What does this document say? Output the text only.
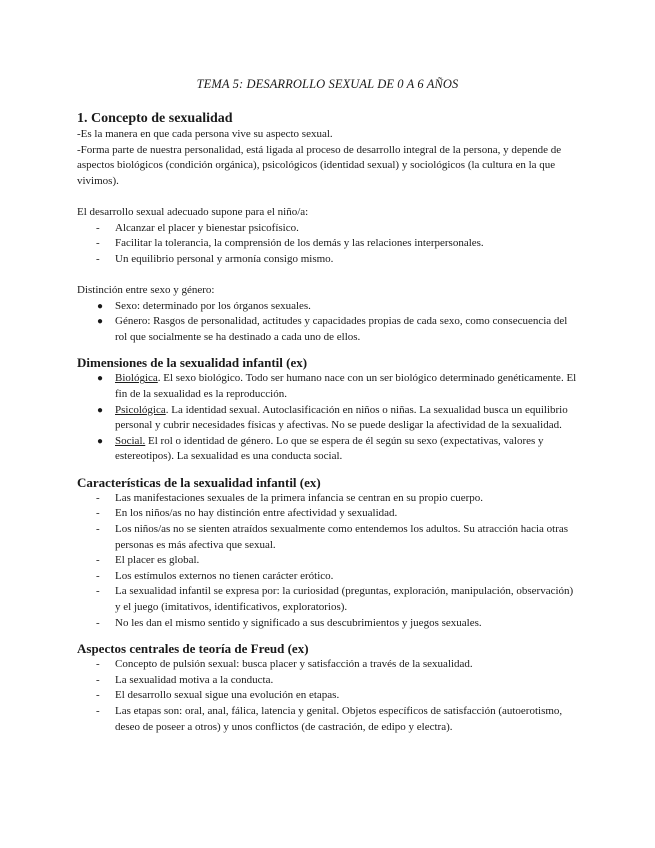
TEMA 5: DESARROLLO SEXUAL DE 0 A 6 AÑOS
1. Concepto de sexualidad
-Es la manera en que cada persona vive su aspecto sexual.
-Forma parte de nuestra personalidad, está ligada al proceso de desarrollo integral de la persona, y depende de aspectos biológicos (condición orgánica), psicológicos (identidad sexual) y sociológicos (la cultura en la que vivimos).
El desarrollo sexual adecuado supone para el niño/a:
-	Alcanzar el placer y bienestar psicofísico.
-	Facilitar la tolerancia, la comprensión de los demás y las relaciones interpersonales.
-	Un equilibrio personal y armonía consigo mismo.
Distinción entre sexo y género:
●	Sexo: determinado por los órganos sexuales.
●	Género: Rasgos de personalidad, actitudes y capacidades propias de cada sexo, como consecuencia del rol que socialmente se ha destinado a cada uno de ellos.
Dimensiones de la sexualidad infantil (ex)
●	Biológica. El sexo biológico. Todo ser humano nace con un ser biológico determinado genéticamente. El fin de la sexualidad es la reproducción.
●	Psicológica. La identidad sexual. Autoclasificación en niños o niñas. La sexualidad busca un equilibrio personal y cubrir necesidades físicas y afectivas. No se puede desligar la afectividad de la sexualidad.
●	Social. El rol o identidad de género. Lo que se espera de él según su sexo (expectativas, valores y estereotipos). La sexualidad es una conducta social.
Características de la sexualidad infantil (ex)
-	Las manifestaciones sexuales de la primera infancia se centran en su propio cuerpo.
-	En los niños/as no hay distinción entre afectividad y sexualidad.
-	Los niños/as no se sienten atraídos sexualmente como entendemos los adultos. Su atracción hacia otras personas es más afectiva que sexual.
-	El placer es global.
-	Los estímulos externos no tienen carácter erótico.
-	La sexualidad infantil se expresa por: la curiosidad (preguntas, exploración, manipulación, observación) y el juego (imitativos, identificativos, exploratorios).
-	No les dan el mismo sentido y significado a sus descubrimientos y juegos sexuales.
Aspectos centrales de teoría de Freud (ex)
-	Concepto de pulsión sexual: busca placer y satisfacción a través de la sexualidad.
-	La sexualidad motiva a la conducta.
-	El desarrollo sexual sigue una evolución en etapas.
-	Las etapas son: oral, anal, fálica, latencia y genital. Objetos específicos de satisfacción (autoerotismo, deseo de poseer a otros) y unos conflictos (de castración, de edipo y electra).
